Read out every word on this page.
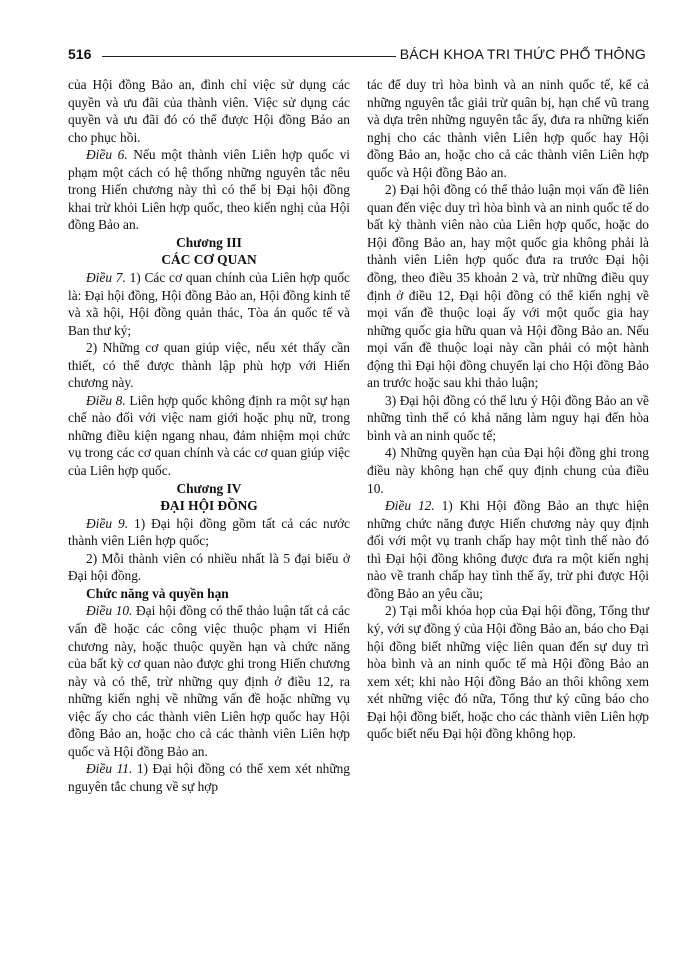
516	BÁCH KHOA TRI THỨC PHỔ THÔNG

của Hội đồng Bảo an, đình chỉ việc sử dụng các quyền và ưu đãi của thành viên. Việc sử dụng các quyền và ưu đãi đó có thể được Hội đồng Bảo an cho phục hồi.

Điều 6. Nếu một thành viên Liên hợp quốc vi phạm một cách có hệ thống những nguyên tắc nêu trong Hiến chương này thì có thể bị Đại hội đồng khai trừ khỏi Liên hợp quốc, theo kiến nghị của Hội đồng Bảo an.

Chương III

CÁC CƠ QUAN

Điều 7. 1) Các cơ quan chính của Liên hợp quốc là: Đại hội đồng, Hội đồng Bảo an, Hội đồng kinh tế và xã hội, Hội đồng quản thác, Tòa án quốc tế và Ban thư ký;

2) Những cơ quan giúp việc, nếu xét thấy cần thiết, có thể được thành lập phù hợp với Hiến chương này.

Điều 8. Liên hợp quốc không định ra một sự hạn chế nào đối với việc nam giới hoặc phụ nữ, trong những điều kiện ngang nhau, đảm nhiệm mọi chức vụ trong các cơ quan chính và các cơ quan giúp việc của Liên hợp quốc.

Chương IV

ĐẠI HỘI ĐỒNG

Điều 9. 1) Đại hội đồng gồm tất cả các nước thành viên Liên hợp quốc;

2) Mỗi thành viên có nhiều nhất là 5 đại biểu ở Đại hội đồng.

Chức năng và quyền hạn

Điều 10. Đại hội đồng có thể thảo luận tất cả các vấn đề hoặc các công việc thuộc phạm vi Hiến chương này, hoặc thuộc quyền hạn và chức năng của bất kỳ cơ quan nào được ghi trong Hiến chương này và có thể, trừ những quy định ở điều 12, ra những kiến nghị về những vấn đề hoặc những vụ việc ấy cho các thành viên Liên hợp quốc hay Hội đồng Bảo an, hoặc cho cả các thành viên Liên hợp quốc và Hội đồng Bảo an.

Điều 11. 1) Đại hội đồng có thể xem xét những nguyên tắc chung về sự hợp

tác để duy trì hòa bình và an ninh quốc tế, kể cả những nguyên tắc giải trừ quân bị, hạn chế vũ trang và dựa trên những nguyên tắc ấy, đưa ra những kiến nghị cho các thành viên Liên hợp quốc hay Hội đồng Bảo an, hoặc cho cả các thành viên Liên hợp quốc và Hội đồng Bảo an.

2) Đại hội đồng có thể thảo luận mọi vấn đề liên quan đến việc duy trì hòa bình và an ninh quốc tế do bất kỳ thành viên nào của Liên hợp quốc, hoặc do Hội đồng Bảo an, hay một quốc gia không phải là thành viên Liên hợp quốc đưa ra trước Đại hội đồng, theo điều 35 khoản 2 và, trừ những điều quy định ở điều 12, Đại hội đồng có thể kiến nghị về mọi vấn đề thuộc loại ấy với một quốc gia hay những quốc gia hữu quan và Hội đồng Bảo an. Nếu mọi vấn đề thuộc loại này cần phải có một hành động thì Đại hội đồng chuyển lại cho Hội đồng Bảo an trước hoặc sau khi thảo luận;

3) Đại hội đồng có thể lưu ý Hội đồng Bảo an về những tình thế có khả năng làm nguy hại đến hòa bình và an ninh quốc tế;

4) Những quyền hạn của Đại hội đồng ghi trong điều này không hạn chế quy định chung của điều 10.

Điều 12. 1) Khi Hội đồng Bảo an thực hiện những chức năng được Hiến chương này quy định đối với một vụ tranh chấp hay một tình thế nào đó thì Đại hội đồng không được đưa ra một kiến nghị nào về tranh chấp hay tình thế ấy, trừ phi được Hội đồng Bảo an yêu cầu;

2) Tại mỗi khóa họp của Đại hội đồng, Tổng thư ký, với sự đồng ý của Hội đồng Bảo an, báo cho Đại hội đồng biết những việc liên quan đến sự duy trì hòa bình và an ninh quốc tế mà Hội đồng Bảo an xem xét; khi nào Hội đồng Bảo an thôi không xem xét những việc đó nữa, Tổng thư ký cũng báo cho Đại hội đồng biết, hoặc cho các thành viên Liên hợp quốc biết nếu Đại hội đồng không họp.
